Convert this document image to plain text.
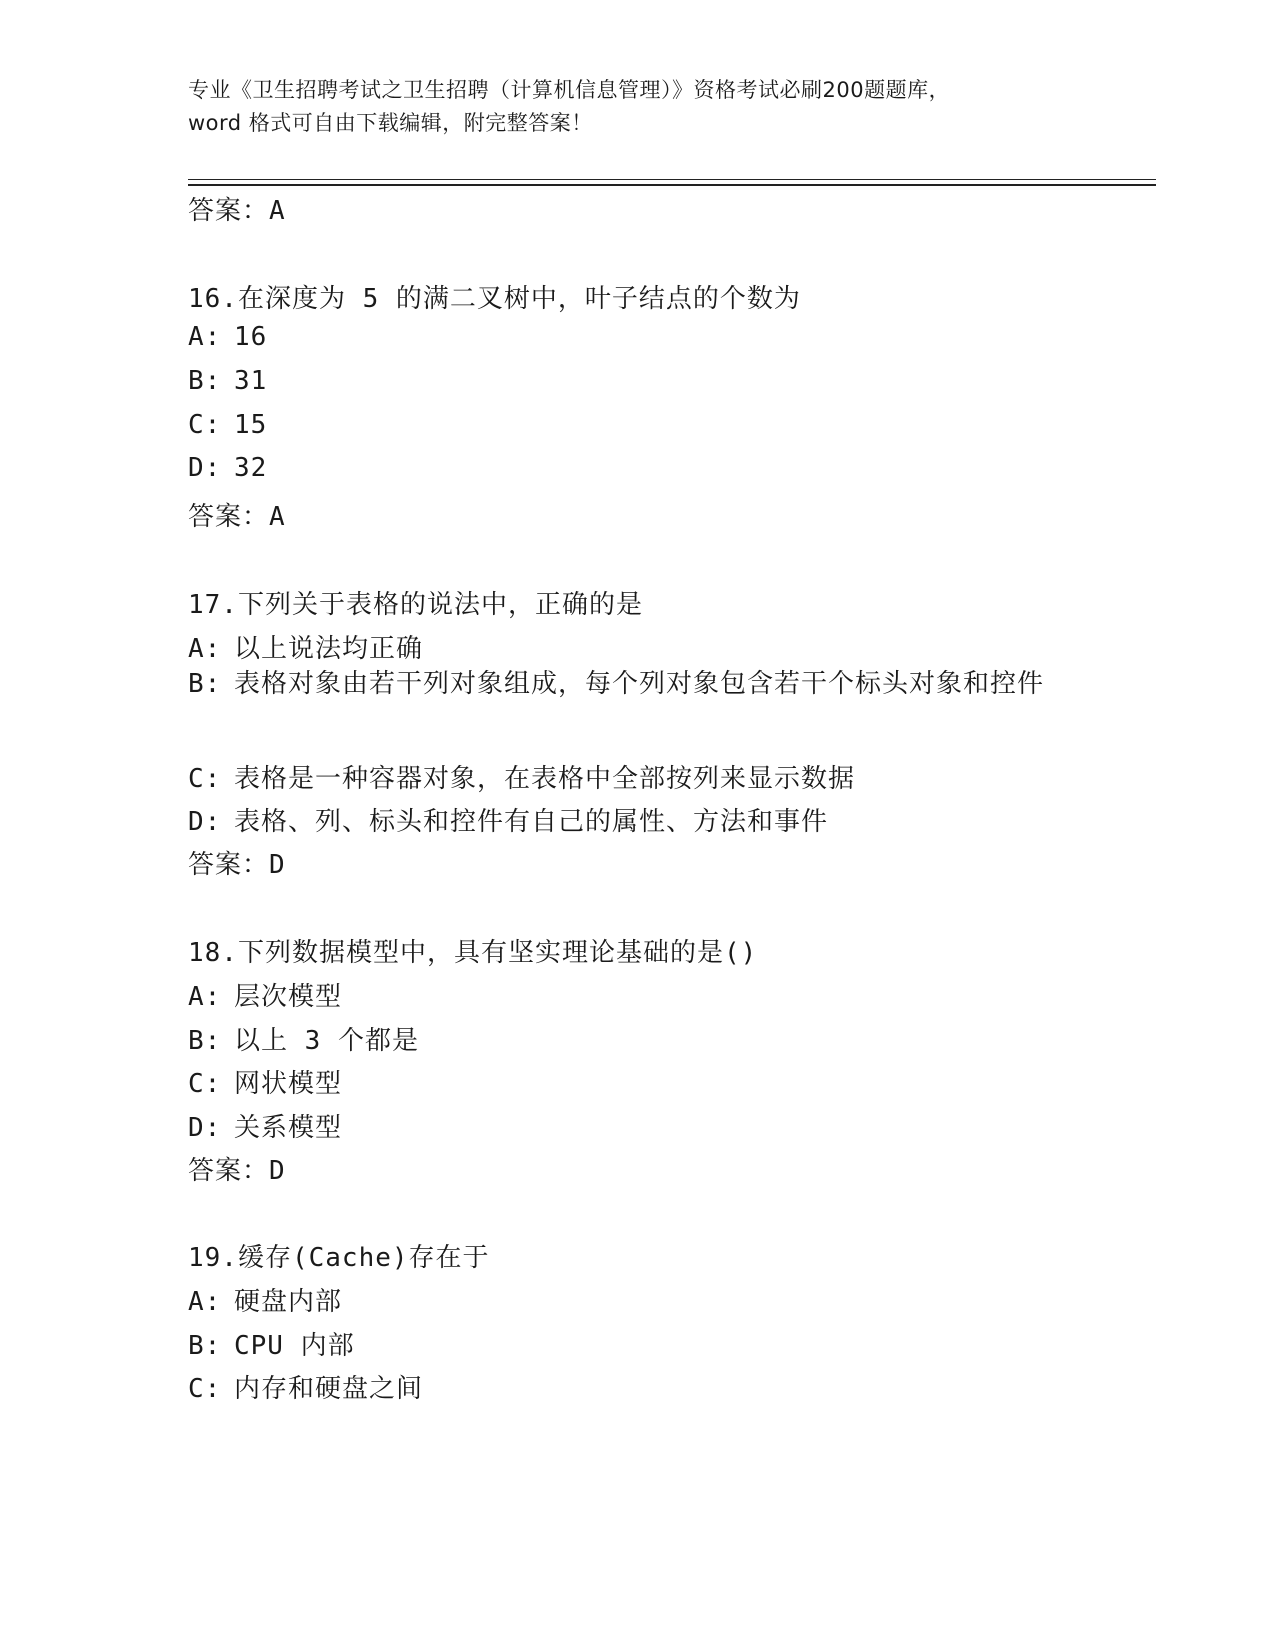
专业《卫生招聘考试之卫生招聘（计算机信息管理）》资格考试必刷200题题库，
word 格式可自由下载编辑，附完整答案！
答案：A
16.在深度为 5 的满二叉树中，叶子结点的个数为
A: 16
B: 31
C: 15
D: 32
答案：A
17.下列关于表格的说法中，正确的是
A: 以上说法均正确
B: 表格对象由若干列对象组成，每个列对象包含若干个标头对象和控件
C: 表格是一种容器对象，在表格中全部按列来显示数据
D: 表格、列、标头和控件有自己的属性、方法和事件
答案：D
18.下列数据模型中，具有坚实理论基础的是()
A: 层次模型
B: 以上 3 个都是
C: 网状模型
D: 关系模型
答案：D
19.缓存(Cache)存在于
A: 硬盘内部
B: CPU 内部
C: 内存和硬盘之间
